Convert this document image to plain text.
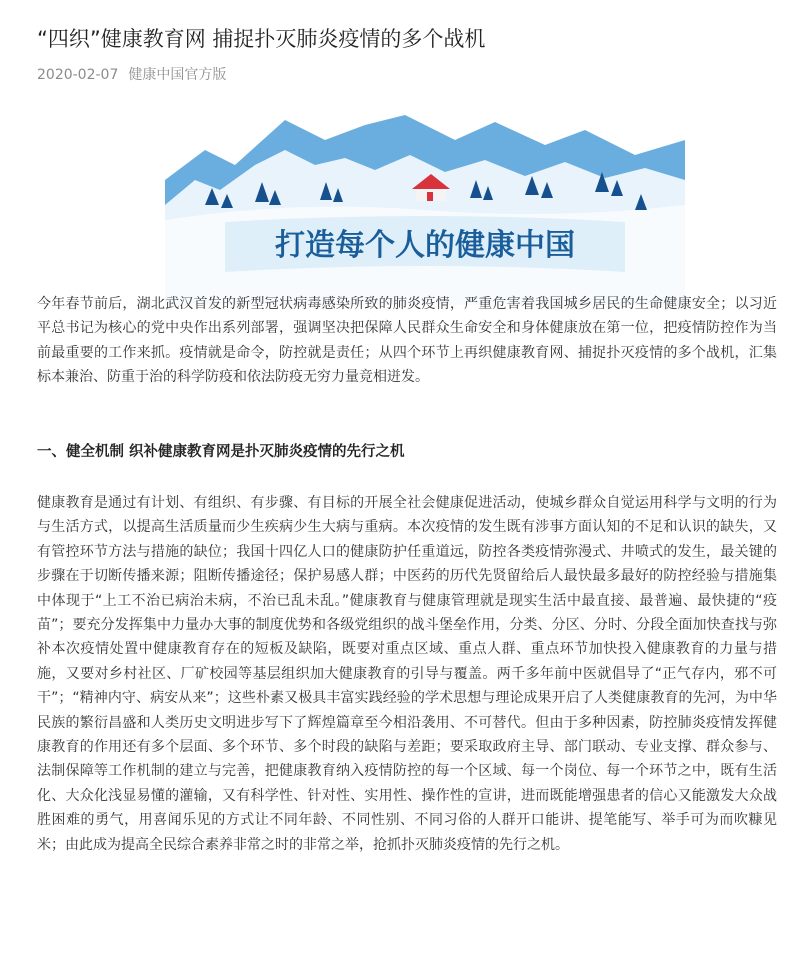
“四织”健康教育网 捕捉扑灭肺炎疫情的多个战机
2020-02-07 健康中国官方版
打造每个人的健康中国

今年春节前后，湖北武汉首发的新型冠状病毒感染所致的肺炎疫情，严重危害着我国城乡居民的生命健康安全；以习近平总书记为核心的党中央作出系列部署，强调坚决把保障人民群众生命安全和身体健康放在第一位，把疫情防控作为当前最重要的工作来抓。疫情就是命令，防控就是责任；从四个环节上再织健康教育网、捕捉扑灭疫情的多个战机，汇集标本兼治、防重于治的科学防疫和依法防疫无穷力量竞相迸发。

一、健全机制 织补健康教育网是扑灭肺炎疫情的先行之机

健康教育是通过有计划、有组织、有步骤、有目标的开展全社会健康促进活动，使城乡群众自觉运用科学与文明的行为与生活方式，以提高生活质量而少生疾病少生大病与重病。本次疫情的发生既有涉事方面认知的不足和认识的缺失，又有管控环节方法与措施的缺位；我国十四亿人口的健康防护任重道远，防控各类疫情弥漫式、井喷式的发生，最关键的步骤在于切断传播来源；阻断传播途径；保护易感人群；中医药的历代先贤留给后人最快最多最好的防控经验与措施集中体现于“上工不治已病治未病，不治已乱未乱。”健康教育与健康管理就是现实生活中最直接、最普遍、最快捷的“疫苗”；要充分发挥集中力量办大事的制度优势和各级党组织的战斗堡垒作用，分类、分区、分时、分段全面加快查找与弥补本次疫情处置中健康教育存在的短板及缺陷，既要对重点区域、重点人群、重点环节加快投入健康教育的力量与措施，又要对乡村社区、厂矿校园等基层组织加大健康教育的引导与覆盖。两千多年前中医就倡导了“正气存内，邪不可干”；“精神内守、病安从来”；这些朴素又极具丰富实践经验的学术思想与理论成果开启了人类健康教育的先河，为中华民族的繁衍昌盛和人类历史文明进步写下了辉煌篇章至今相沿袭用、不可替代。但由于多种因素，防控肺炎疫情发挥健康教育的作用还有多个层面、多个环节、多个时段的缺陷与差距；要采取政府主导、部门联动、专业支撑、群众参与、法制保障等工作机制的建立与完善，把健康教育纳入疫情防控的每一个区域、每一个岗位、每一个环节之中，既有生活化、大众化浅显易懂的灌输，又有科学性、针对性、实用性、操作性的宣讲，进而既能增强患者的信心又能激发大众战胜困难的勇气，用喜闻乐见的方式让不同年龄、不同性别、不同习俗的人群开口能讲、提笔能写、举手可为而吹糠见米；由此成为提高全民综合素养非常之时的非常之举，抢抓扑灭肺炎疫情的先行之机。
